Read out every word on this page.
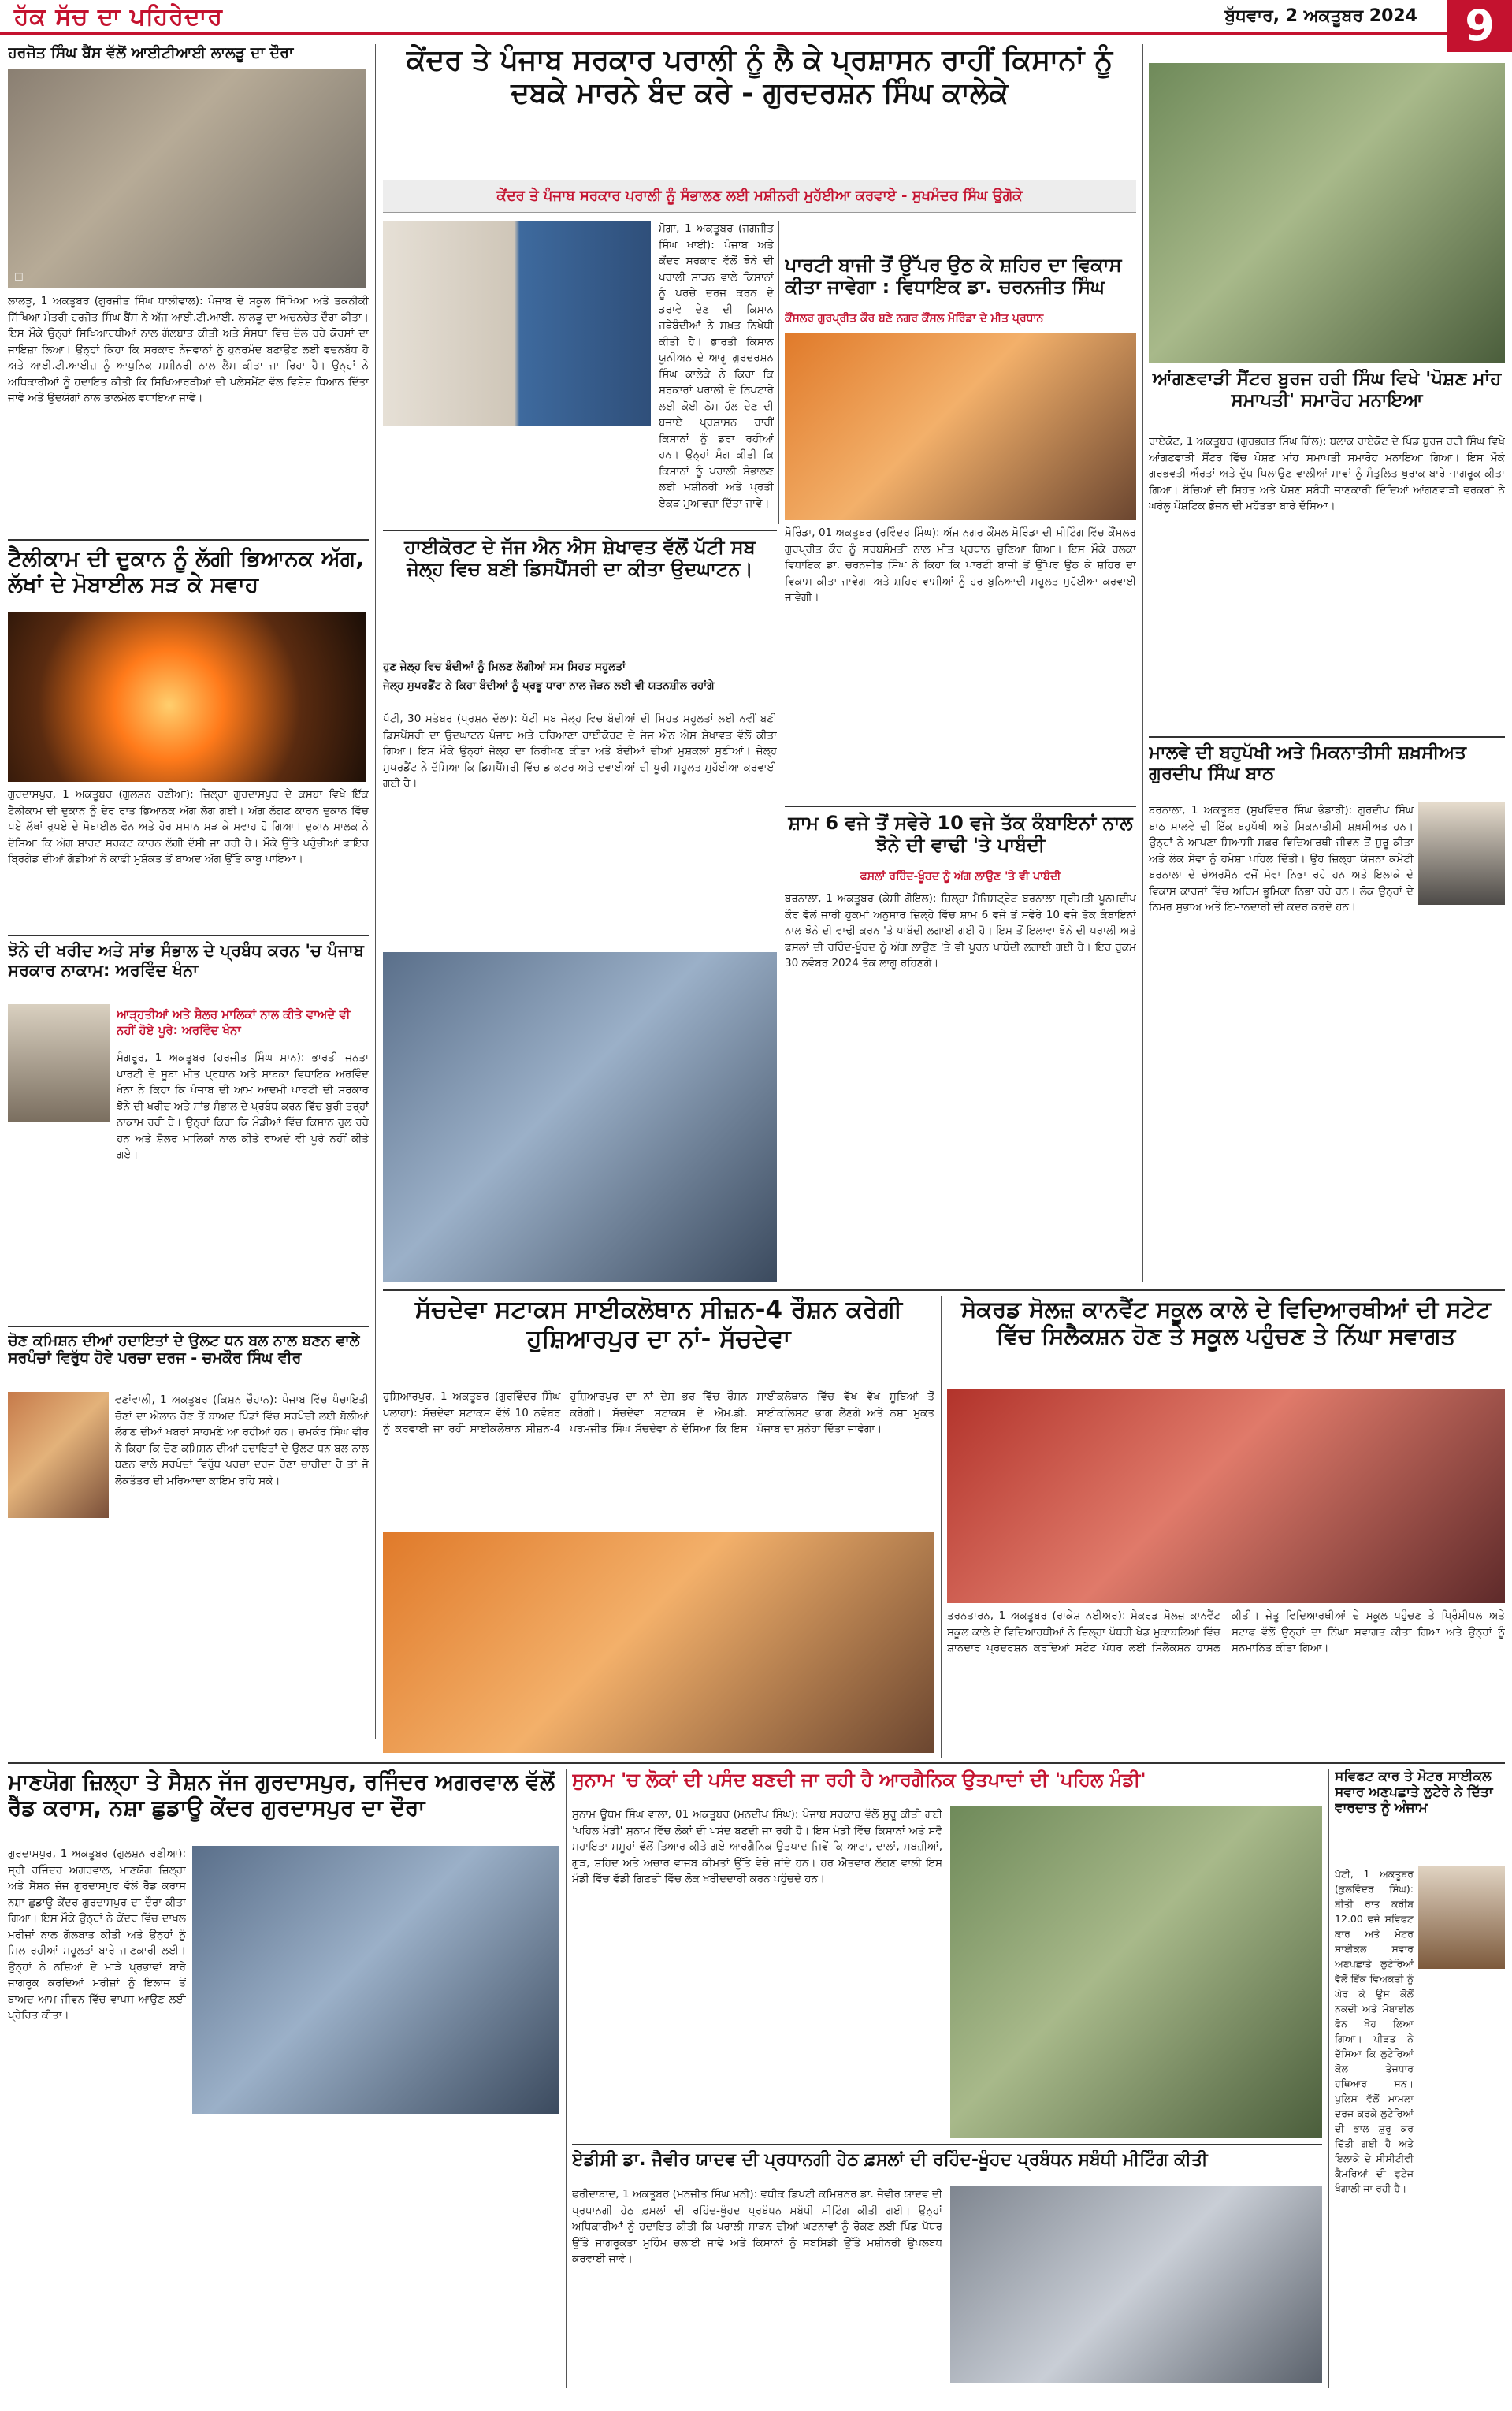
ਹੱਕ ਸੱਚ ਦਾ ਪਹਿਰੇਦਾਰ	ਬੁੱਧਵਾਰ, 2 ਅਕਤੂਬਰ 2024	9
ਹਰਜੋਤ ਸਿੰਘ ਬੈਂਸ ਵੱਲੋਂ ਆਈਟੀਆਈ ਲਾਲੜੂ ਦਾ ਦੌਰਾ
☐
ਲਾਲੜੂ, 1 ਅਕਤੂਬਰ (ਗੁਰਜੀਤ ਸਿੰਘ ਧਾਲੀਵਾਲ): ਪੰਜਾਬ ਦੇ ਸਕੂਲ ਸਿੱਖਿਆ ਅਤੇ ਤਕਨੀਕੀ ਸਿੱਖਿਆ ਮੰਤਰੀ ਹਰਜੋਤ ਸਿੰਘ ਬੈਂਸ ਨੇ ਅੱਜ ਆਈ.ਟੀ.ਆਈ. ਲਾਲੜੂ ਦਾ ਅਚਨਚੇਤ ਦੌਰਾ ਕੀਤਾ। ਇਸ ਮੌਕੇ ਉਨ੍ਹਾਂ ਸਿਖਿਆਰਥੀਆਂ ਨਾਲ ਗੱਲਬਾਤ ਕੀਤੀ ਅਤੇ ਸੰਸਥਾ ਵਿੱਚ ਚੱਲ ਰਹੇ ਕੋਰਸਾਂ ਦਾ ਜਾਇਜ਼ਾ ਲਿਆ। ਉਨ੍ਹਾਂ ਕਿਹਾ ਕਿ ਸਰਕਾਰ ਨੌਜਵਾਨਾਂ ਨੂੰ ਹੁਨਰਮੰਦ ਬਣਾਉਣ ਲਈ ਵਚਨਬੱਧ ਹੈ ਅਤੇ ਆਈ.ਟੀ.ਆਈਜ਼ ਨੂੰ ਆਧੁਨਿਕ ਮਸ਼ੀਨਰੀ ਨਾਲ ਲੈਸ ਕੀਤਾ ਜਾ ਰਿਹਾ ਹੈ। ਉਨ੍ਹਾਂ ਨੇ ਅਧਿਕਾਰੀਆਂ ਨੂੰ ਹਦਾਇਤ ਕੀਤੀ ਕਿ ਸਿਖਿਆਰਥੀਆਂ ਦੀ ਪਲੇਸਮੈਂਟ ਵੱਲ ਵਿਸ਼ੇਸ਼ ਧਿਆਨ ਦਿੱਤਾ ਜਾਵੇ ਅਤੇ ਉਦਯੋਗਾਂ ਨਾਲ ਤਾਲਮੇਲ ਵਧਾਇਆ ਜਾਵੇ।
ਟੈਲੀਕਾਮ ਦੀ ਦੁਕਾਨ ਨੂੰ ਲੱਗੀ ਭਿਆਨਕ ਅੱਗ, ਲੱਖਾਂ ਦੇ ਮੋਬਾਈਲ ਸੜ ਕੇ ਸਵਾਹ
ਗੁਰਦਾਸਪੁਰ, 1 ਅਕਤੂਬਰ (ਗੁਲਸ਼ਨ ਰਣੀਆ): ਜ਼ਿਲ੍ਹਾ ਗੁਰਦਾਸਪੁਰ ਦੇ ਕਸਬਾ ਵਿਖੇ ਇੱਕ ਟੈਲੀਕਾਮ ਦੀ ਦੁਕਾਨ ਨੂੰ ਦੇਰ ਰਾਤ ਭਿਆਨਕ ਅੱਗ ਲੱਗ ਗਈ। ਅੱਗ ਲੱਗਣ ਕਾਰਨ ਦੁਕਾਨ ਵਿੱਚ ਪਏ ਲੱਖਾਂ ਰੁਪਏ ਦੇ ਮੋਬਾਈਲ ਫੋਨ ਅਤੇ ਹੋਰ ਸਮਾਨ ਸੜ ਕੇ ਸਵਾਹ ਹੋ ਗਿਆ। ਦੁਕਾਨ ਮਾਲਕ ਨੇ ਦੱਸਿਆ ਕਿ ਅੱਗ ਸ਼ਾਰਟ ਸਰਕਟ ਕਾਰਨ ਲੱਗੀ ਦੱਸੀ ਜਾ ਰਹੀ ਹੈ। ਮੌਕੇ ਉੱਤੇ ਪਹੁੰਚੀਆਂ ਫਾਇਰ ਬ੍ਰਿਗੇਡ ਦੀਆਂ ਗੱਡੀਆਂ ਨੇ ਕਾਫੀ ਮੁਸ਼ੱਕਤ ਤੋਂ ਬਾਅਦ ਅੱਗ ਉੱਤੇ ਕਾਬੂ ਪਾਇਆ।
ਝੋਨੇ ਦੀ ਖਰੀਦ ਅਤੇ ਸਾਂਭ ਸੰਭਾਲ ਦੇ ਪ੍ਰਬੰਧ ਕਰਨ 'ਚ ਪੰਜਾਬ ਸਰਕਾਰ ਨਾਕਾਮ: ਅਰਵਿੰਦ ਖੰਨਾ
ਆੜ੍ਹਤੀਆਂ ਅਤੇ ਸ਼ੈਲਰ ਮਾਲਿਕਾਂ ਨਾਲ ਕੀਤੇ ਵਾਅਦੇ ਵੀ ਨਹੀਂ ਹੋਏ ਪੂਰੇ: ਅਰਵਿੰਦ ਖੰਨਾ
ਸੰਗਰੂਰ, 1 ਅਕਤੂਬਰ (ਹਰਜੀਤ ਸਿੰਘ ਮਾਨ): ਭਾਰਤੀ ਜਨਤਾ ਪਾਰਟੀ ਦੇ ਸੂਬਾ ਮੀਤ ਪ੍ਰਧਾਨ ਅਤੇ ਸਾਬਕਾ ਵਿਧਾਇਕ ਅਰਵਿੰਦ ਖੰਨਾ ਨੇ ਕਿਹਾ ਕਿ ਪੰਜਾਬ ਦੀ ਆਮ ਆਦਮੀ ਪਾਰਟੀ ਦੀ ਸਰਕਾਰ ਝੋਨੇ ਦੀ ਖਰੀਦ ਅਤੇ ਸਾਂਭ ਸੰਭਾਲ ਦੇ ਪ੍ਰਬੰਧ ਕਰਨ ਵਿੱਚ ਬੁਰੀ ਤਰ੍ਹਾਂ ਨਾਕਾਮ ਰਹੀ ਹੈ। ਉਨ੍ਹਾਂ ਕਿਹਾ ਕਿ ਮੰਡੀਆਂ ਵਿੱਚ ਕਿਸਾਨ ਰੁਲ ਰਹੇ ਹਨ ਅਤੇ ਸ਼ੈਲਰ ਮਾਲਿਕਾਂ ਨਾਲ ਕੀਤੇ ਵਾਅਦੇ ਵੀ ਪੂਰੇ ਨਹੀਂ ਕੀਤੇ ਗਏ।
ਚੋਣ ਕਮਿਸ਼ਨ ਦੀਆਂ ਹਦਾਇਤਾਂ ਦੇ ਉਲਟ ਧਨ ਬਲ ਨਾਲ ਬਣਨ ਵਾਲੇ ਸਰਪੰਚਾਂ ਵਿਰੁੱਧ ਹੋਵੇ ਪਰਚਾ ਦਰਜ - ਚਮਕੌਰ ਸਿੰਘ ਵੀਰ
ਵਣਾਂਵਾਲੀ, 1 ਅਕਤੂਬਰ (ਕਿਸ਼ਨ ਚੌਹਾਨ): ਪੰਜਾਬ ਵਿੱਚ ਪੰਚਾਇਤੀ ਚੋਣਾਂ ਦਾ ਐਲਾਨ ਹੋਣ ਤੋਂ ਬਾਅਦ ਪਿੰਡਾਂ ਵਿੱਚ ਸਰਪੰਚੀ ਲਈ ਬੋਲੀਆਂ ਲੱਗਣ ਦੀਆਂ ਖਬਰਾਂ ਸਾਹਮਣੇ ਆ ਰਹੀਆਂ ਹਨ। ਚਮਕੌਰ ਸਿੰਘ ਵੀਰ ਨੇ ਕਿਹਾ ਕਿ ਚੋਣ ਕਮਿਸ਼ਨ ਦੀਆਂ ਹਦਾਇਤਾਂ ਦੇ ਉਲਟ ਧਨ ਬਲ ਨਾਲ ਬਣਨ ਵਾਲੇ ਸਰਪੰਚਾਂ ਵਿਰੁੱਧ ਪਰਚਾ ਦਰਜ ਹੋਣਾ ਚਾਹੀਦਾ ਹੈ ਤਾਂ ਜੋ ਲੋਕਤੰਤਰ ਦੀ ਮਰਿਆਦਾ ਕਾਇਮ ਰਹਿ ਸਕੇ।
ਕੇਂਦਰ ਤੇ ਪੰਜਾਬ ਸਰਕਾਰ ਪਰਾਲੀ ਨੂੰ ਲੈ ਕੇ ਪ੍ਰਸ਼ਾਸਨ ਰਾਹੀਂ ਕਿਸਾਨਾਂ ਨੂੰ ਦਬਕੇ ਮਾਰਨੇ ਬੰਦ ਕਰੇ - ਗੁਰਦਰਸ਼ਨ ਸਿੰਘ ਕਾਲੇਕੇ
ਕੇਂਦਰ ਤੇ ਪੰਜਾਬ ਸਰਕਾਰ ਪਰਾਲੀ ਨੂੰ ਸੰਭਾਲਣ ਲਈ ਮਸ਼ੀਨਰੀ ਮੁਹੱਈਆ ਕਰਵਾਏ - ਸੁਖਮੰਦਰ ਸਿੰਘ ਉਗੋਕੇ
ਮੋਗਾ, 1 ਅਕਤੂਬਰ (ਜਗਜੀਤ ਸਿੰਘ ਖਾਈ): ਪੰਜਾਬ ਅਤੇ ਕੇਂਦਰ ਸਰਕਾਰ ਵੱਲੋਂ ਝੋਨੇ ਦੀ ਪਰਾਲੀ ਸਾੜਨ ਵਾਲੇ ਕਿਸਾਨਾਂ ਨੂੰ ਪਰਚੇ ਦਰਜ ਕਰਨ ਦੇ ਡਰਾਵੇ ਦੇਣ ਦੀ ਕਿਸਾਨ ਜਥੇਬੰਦੀਆਂ ਨੇ ਸਖ਼ਤ ਨਿਖੇਧੀ ਕੀਤੀ ਹੈ। ਭਾਰਤੀ ਕਿਸਾਨ ਯੂਨੀਅਨ ਦੇ ਆਗੂ ਗੁਰਦਰਸ਼ਨ ਸਿੰਘ ਕਾਲੇਕੇ ਨੇ ਕਿਹਾ ਕਿ ਸਰਕਾਰਾਂ ਪਰਾਲੀ ਦੇ ਨਿਪਟਾਰੇ ਲਈ ਕੋਈ ਠੋਸ ਹੱਲ ਦੇਣ ਦੀ ਬਜਾਏ ਪ੍ਰਸ਼ਾਸਨ ਰਾਹੀਂ ਕਿਸਾਨਾਂ ਨੂੰ ਡਰਾ ਰਹੀਆਂ ਹਨ। ਉਨ੍ਹਾਂ ਮੰਗ ਕੀਤੀ ਕਿ ਕਿਸਾਨਾਂ ਨੂੰ ਪਰਾਲੀ ਸੰਭਾਲਣ ਲਈ ਮਸ਼ੀਨਰੀ ਅਤੇ ਪ੍ਰਤੀ ਏਕੜ ਮੁਆਵਜ਼ਾ ਦਿੱਤਾ ਜਾਵੇ।
ਪਾਰਟੀ ਬਾਜੀ ਤੋਂ ਉੱਪਰ ਉਠ ਕੇ ਸ਼ਹਿਰ ਦਾ ਵਿਕਾਸ ਕੀਤਾ ਜਾਵੇਗਾ : ਵਿਧਾਇਕ ਡਾ. ਚਰਨਜੀਤ ਸਿੰਘ
ਕੌਂਸਲਰ ਗੁਰਪ੍ਰੀਤ ਕੌਰ ਬਣੇ ਨਗਰ ਕੌਂਸਲ ਮੋਰਿੰਡਾ ਦੇ ਮੀਤ ਪ੍ਰਧਾਨ
ਮੋਰਿੰਡਾ, 01 ਅਕਤੂਬਰ (ਰਵਿੰਦਰ ਸਿੰਘ): ਅੱਜ ਨਗਰ ਕੌਂਸਲ ਮੋਰਿੰਡਾ ਦੀ ਮੀਟਿੰਗ ਵਿੱਚ ਕੌਂਸਲਰ ਗੁਰਪ੍ਰੀਤ ਕੌਰ ਨੂੰ ਸਰਬਸੰਮਤੀ ਨਾਲ ਮੀਤ ਪ੍ਰਧਾਨ ਚੁਣਿਆ ਗਿਆ। ਇਸ ਮੌਕੇ ਹਲਕਾ ਵਿਧਾਇਕ ਡਾ. ਚਰਨਜੀਤ ਸਿੰਘ ਨੇ ਕਿਹਾ ਕਿ ਪਾਰਟੀ ਬਾਜੀ ਤੋਂ ਉੱਪਰ ਉਠ ਕੇ ਸ਼ਹਿਰ ਦਾ ਵਿਕਾਸ ਕੀਤਾ ਜਾਵੇਗਾ ਅਤੇ ਸ਼ਹਿਰ ਵਾਸੀਆਂ ਨੂੰ ਹਰ ਬੁਨਿਆਦੀ ਸਹੂਲਤ ਮੁਹੱਈਆ ਕਰਵਾਈ ਜਾਵੇਗੀ।
ਹਾਈਕੋਰਟ ਦੇ ਜੱਜ ਐਨ ਐਸ ਸ਼ੇਖਾਵਤ ਵੱਲੋਂ ਪੱਟੀ ਸਬ ਜੇਲ੍ਹ ਵਿਚ ਬਣੀ ਡਿਸਪੈਂਸਰੀ ਦਾ ਕੀਤਾ ਉਦਘਾਟਨ।
ਹੁਣ ਜੇਲ੍ਹ ਵਿਚ ਬੰਦੀਆਂ ਨੂੰ ਮਿਲਣ ਲੱਗੀਆਂ ਸਮ ਸਿਹਤ ਸਹੂਲਤਾਂ
ਜੇਲ੍ਹ ਸੁਪਰਡੈਂਟ ਨੇ ਕਿਹਾ ਬੰਦੀਆਂ ਨੂੰ ਪ੍ਰਭੂ ਧਾਰਾ ਨਾਲ ਜੋੜਨ ਲਈ ਵੀ ਯਤਨਸ਼ੀਲ ਰਹਾਂਗੇ
ਪੱਟੀ, 30 ਸਤੰਬਰ (ਪ੍ਰਸ਼ਨ ਦੱਲਾ): ਪੱਟੀ ਸਬ ਜੇਲ੍ਹ ਵਿਚ ਬੰਦੀਆਂ ਦੀ ਸਿਹਤ ਸਹੂਲਤਾਂ ਲਈ ਨਵੀਂ ਬਣੀ ਡਿਸਪੈਂਸਰੀ ਦਾ ਉਦਘਾਟਨ ਪੰਜਾਬ ਅਤੇ ਹਰਿਆਣਾ ਹਾਈਕੋਰਟ ਦੇ ਜੱਜ ਐਨ ਐਸ ਸ਼ੇਖਾਵਤ ਵੱਲੋਂ ਕੀਤਾ ਗਿਆ। ਇਸ ਮੌਕੇ ਉਨ੍ਹਾਂ ਜੇਲ੍ਹ ਦਾ ਨਿਰੀਖਣ ਕੀਤਾ ਅਤੇ ਬੰਦੀਆਂ ਦੀਆਂ ਮੁਸ਼ਕਲਾਂ ਸੁਣੀਆਂ। ਜੇਲ੍ਹ ਸੁਪਰਡੈਂਟ ਨੇ ਦੱਸਿਆ ਕਿ ਡਿਸਪੈਂਸਰੀ ਵਿੱਚ ਡਾਕਟਰ ਅਤੇ ਦਵਾਈਆਂ ਦੀ ਪੂਰੀ ਸਹੂਲਤ ਮੁਹੱਈਆ ਕਰਵਾਈ ਗਈ ਹੈ।
ਸ਼ਾਮ 6 ਵਜੇ ਤੋਂ ਸਵੇਰੇ 10 ਵਜੇ ਤੱਕ ਕੰਬਾਇਨਾਂ ਨਾਲ ਝੋਨੇ ਦੀ ਵਾਢੀ 'ਤੇ ਪਾਬੰਦੀ
ਫਸਲਾਂ ਰਹਿੰਦ-ਖੂੰਹਦ ਨੂੰ ਅੱਗ ਲਾਉਣ 'ਤੇ ਵੀ ਪਾਬੰਦੀ
ਬਰਨਾਲਾ, 1 ਅਕਤੂਬਰ (ਕੇਸੀ ਗੋਇਲ): ਜ਼ਿਲ੍ਹਾ ਮੈਜਿਸਟ੍ਰੇਟ ਬਰਨਾਲਾ ਸ੍ਰੀਮਤੀ ਪੂਨਮਦੀਪ ਕੌਰ ਵੱਲੋਂ ਜਾਰੀ ਹੁਕਮਾਂ ਅਨੁਸਾਰ ਜ਼ਿਲ੍ਹੇ ਵਿੱਚ ਸ਼ਾਮ 6 ਵਜੇ ਤੋਂ ਸਵੇਰੇ 10 ਵਜੇ ਤੱਕ ਕੰਬਾਇਨਾਂ ਨਾਲ ਝੋਨੇ ਦੀ ਵਾਢੀ ਕਰਨ 'ਤੇ ਪਾਬੰਦੀ ਲਗਾਈ ਗਈ ਹੈ। ਇਸ ਤੋਂ ਇਲਾਵਾ ਝੋਨੇ ਦੀ ਪਰਾਲੀ ਅਤੇ ਫਸਲਾਂ ਦੀ ਰਹਿੰਦ-ਖੂੰਹਦ ਨੂੰ ਅੱਗ ਲਾਉਣ 'ਤੇ ਵੀ ਪੂਰਨ ਪਾਬੰਦੀ ਲਗਾਈ ਗਈ ਹੈ। ਇਹ ਹੁਕਮ 30 ਨਵੰਬਰ 2024 ਤੱਕ ਲਾਗੂ ਰਹਿਣਗੇ।
ਆਂਗਣਵਾੜੀ ਸੈਂਟਰ ਬੁਰਜ ਹਰੀ ਸਿੰਘ ਵਿਖੇ 'ਪੋਸ਼ਣ ਮਾਂਹ ਸਮਾਪਤੀ' ਸਮਾਰੋਹ ਮਨਾਇਆ
ਰਾਏਕੋਟ, 1 ਅਕਤੂਬਰ (ਗੁਰਭਗਤ ਸਿੰਘ ਗਿੱਲ): ਬਲਾਕ ਰਾਏਕੋਟ ਦੇ ਪਿੰਡ ਬੁਰਜ ਹਰੀ ਸਿੰਘ ਵਿਖੇ ਆਂਗਣਵਾੜੀ ਸੈਂਟਰ ਵਿੱਚ ਪੋਸ਼ਣ ਮਾਂਹ ਸਮਾਪਤੀ ਸਮਾਰੋਹ ਮਨਾਇਆ ਗਿਆ। ਇਸ ਮੌਕੇ ਗਰਭਵਤੀ ਔਰਤਾਂ ਅਤੇ ਦੁੱਧ ਪਿਲਾਉਣ ਵਾਲੀਆਂ ਮਾਵਾਂ ਨੂੰ ਸੰਤੁਲਿਤ ਖੁਰਾਕ ਬਾਰੇ ਜਾਗਰੂਕ ਕੀਤਾ ਗਿਆ। ਬੱਚਿਆਂ ਦੀ ਸਿਹਤ ਅਤੇ ਪੋਸ਼ਣ ਸਬੰਧੀ ਜਾਣਕਾਰੀ ਦਿੰਦਿਆਂ ਆਂਗਣਵਾੜੀ ਵਰਕਰਾਂ ਨੇ ਘਰੇਲੂ ਪੌਸ਼ਟਿਕ ਭੋਜਨ ਦੀ ਮਹੱਤਤਾ ਬਾਰੇ ਦੱਸਿਆ।
ਮਾਲਵੇ ਦੀ ਬਹੁਪੱਖੀ ਅਤੇ ਮਿਕਨਾਤੀਸੀ ਸ਼ਖ਼ਸੀਅਤ ਗੁਰਦੀਪ ਸਿੰਘ ਬਾਠ
ਬਰਨਾਲਾ, 1 ਅਕਤੂਬਰ (ਸੁਖਵਿੰਦਰ ਸਿੰਘ ਭੰਡਾਰੀ): ਗੁਰਦੀਪ ਸਿੰਘ ਬਾਠ ਮਾਲਵੇ ਦੀ ਇੱਕ ਬਹੁਪੱਖੀ ਅਤੇ ਮਿਕਨਾਤੀਸੀ ਸ਼ਖ਼ਸੀਅਤ ਹਨ। ਉਨ੍ਹਾਂ ਨੇ ਆਪਣਾ ਸਿਆਸੀ ਸਫ਼ਰ ਵਿਦਿਆਰਥੀ ਜੀਵਨ ਤੋਂ ਸ਼ੁਰੂ ਕੀਤਾ ਅਤੇ ਲੋਕ ਸੇਵਾ ਨੂੰ ਹਮੇਸ਼ਾ ਪਹਿਲ ਦਿੱਤੀ। ਉਹ ਜ਼ਿਲ੍ਹਾ ਯੋਜਨਾ ਕਮੇਟੀ ਬਰਨਾਲਾ ਦੇ ਚੇਅਰਮੈਨ ਵਜੋਂ ਸੇਵਾ ਨਿਭਾ ਰਹੇ ਹਨ ਅਤੇ ਇਲਾਕੇ ਦੇ ਵਿਕਾਸ ਕਾਰਜਾਂ ਵਿੱਚ ਅਹਿਮ ਭੂਮਿਕਾ ਨਿਭਾ ਰਹੇ ਹਨ। ਲੋਕ ਉਨ੍ਹਾਂ ਦੇ ਨਿਮਰ ਸੁਭਾਅ ਅਤੇ ਇਮਾਨਦਾਰੀ ਦੀ ਕਦਰ ਕਰਦੇ ਹਨ।
ਸੱਚਦੇਵਾ ਸਟਾਕਸ ਸਾਈਕਲੋਥਾਨ ਸੀਜ਼ਨ-4 ਰੌਸ਼ਨ ਕਰੇਗੀ ਹੁਸ਼ਿਆਰਪੁਰ ਦਾ ਨਾਂ- ਸੱਚਦੇਵਾ
ਹੁਸ਼ਿਆਰਪੁਰ, 1 ਅਕਤੂਬਰ (ਗੁਰਵਿੰਦਰ ਸਿੰਘ ਪਲਾਹਾ): ਸੱਚਦੇਵਾ ਸਟਾਕਸ ਵੱਲੋਂ 10 ਨਵੰਬਰ ਨੂੰ ਕਰਵਾਈ ਜਾ ਰਹੀ ਸਾਈਕਲੋਥਾਨ ਸੀਜ਼ਨ-4 ਹੁਸ਼ਿਆਰਪੁਰ ਦਾ ਨਾਂ ਦੇਸ਼ ਭਰ ਵਿੱਚ ਰੌਸ਼ਨ ਕਰੇਗੀ। ਸੱਚਦੇਵਾ ਸਟਾਕਸ ਦੇ ਐਮ.ਡੀ. ਪਰਮਜੀਤ ਸਿੰਘ ਸੱਚਦੇਵਾ ਨੇ ਦੱਸਿਆ ਕਿ ਇਸ ਸਾਈਕਲੋਥਾਨ ਵਿੱਚ ਵੱਖ ਵੱਖ ਸੂਬਿਆਂ ਤੋਂ ਸਾਈਕਲਿਸਟ ਭਾਗ ਲੈਣਗੇ ਅਤੇ ਨਸ਼ਾ ਮੁਕਤ ਪੰਜਾਬ ਦਾ ਸੁਨੇਹਾ ਦਿੱਤਾ ਜਾਵੇਗਾ।
ਸੇਕਰਡ ਸੋਲਜ਼ ਕਾਨਵੈਂਟ ਸਕੂਲ ਕਾਲੇ ਦੇ ਵਿਦਿਆਰਥੀਆਂ ਦੀ ਸਟੇਟ ਵਿੱਚ ਸਿਲੈਕਸ਼ਨ ਹੋਣ ਤੇ ਸਕੂਲ ਪਹੁੰਚਣ ਤੇ ਨਿੱਘਾ ਸਵਾਗਤ
ਤਰਨਤਾਰਨ, 1 ਅਕਤੂਬਰ (ਰਾਕੇਸ਼ ਨਈਅਰ): ਸੇਕਰਡ ਸੋਲਜ਼ ਕਾਨਵੈਂਟ ਸਕੂਲ ਕਾਲੇ ਦੇ ਵਿਦਿਆਰਥੀਆਂ ਨੇ ਜ਼ਿਲ੍ਹਾ ਪੱਧਰੀ ਖੇਡ ਮੁਕਾਬਲਿਆਂ ਵਿੱਚ ਸ਼ਾਨਦਾਰ ਪ੍ਰਦਰਸ਼ਨ ਕਰਦਿਆਂ ਸਟੇਟ ਪੱਧਰ ਲਈ ਸਿਲੈਕਸ਼ਨ ਹਾਸਲ ਕੀਤੀ। ਜੇਤੂ ਵਿਦਿਆਰਥੀਆਂ ਦੇ ਸਕੂਲ ਪਹੁੰਚਣ ਤੇ ਪ੍ਰਿੰਸੀਪਲ ਅਤੇ ਸਟਾਫ ਵੱਲੋਂ ਉਨ੍ਹਾਂ ਦਾ ਨਿੱਘਾ ਸਵਾਗਤ ਕੀਤਾ ਗਿਆ ਅਤੇ ਉਨ੍ਹਾਂ ਨੂੰ ਸਨਮਾਨਿਤ ਕੀਤਾ ਗਿਆ।
ਮਾਣਯੋਗ ਜ਼ਿਲ੍ਹਾ ਤੇ ਸੈਸ਼ਨ ਜੱਜ ਗੁਰਦਾਸਪੁਰ, ਰਜਿੰਦਰ ਅਗਰਵਾਲ ਵੱਲੋਂ ਰੈੱਡ ਕਰਾਸ, ਨਸ਼ਾ ਛੁਡਾਊ ਕੇਂਦਰ ਗੁਰਦਾਸਪੁਰ ਦਾ ਦੌਰਾ
ਗੁਰਦਾਸਪੁਰ, 1 ਅਕਤੂਬਰ (ਗੁਲਸ਼ਨ ਰਣੀਆ): ਸ੍ਰੀ ਰਜਿੰਦਰ ਅਗਰਵਾਲ, ਮਾਣਯੋਗ ਜ਼ਿਲ੍ਹਾ ਅਤੇ ਸੈਸ਼ਨ ਜੱਜ ਗੁਰਦਾਸਪੁਰ ਵੱਲੋਂ ਰੈੱਡ ਕਰਾਸ ਨਸ਼ਾ ਛੁਡਾਊ ਕੇਂਦਰ ਗੁਰਦਾਸਪੁਰ ਦਾ ਦੌਰਾ ਕੀਤਾ ਗਿਆ। ਇਸ ਮੌਕੇ ਉਨ੍ਹਾਂ ਨੇ ਕੇਂਦਰ ਵਿੱਚ ਦਾਖਲ ਮਰੀਜ਼ਾਂ ਨਾਲ ਗੱਲਬਾਤ ਕੀਤੀ ਅਤੇ ਉਨ੍ਹਾਂ ਨੂੰ ਮਿਲ ਰਹੀਆਂ ਸਹੂਲਤਾਂ ਬਾਰੇ ਜਾਣਕਾਰੀ ਲਈ। ਉਨ੍ਹਾਂ ਨੇ ਨਸ਼ਿਆਂ ਦੇ ਮਾੜੇ ਪ੍ਰਭਾਵਾਂ ਬਾਰੇ ਜਾਗਰੂਕ ਕਰਦਿਆਂ ਮਰੀਜ਼ਾਂ ਨੂੰ ਇਲਾਜ ਤੋਂ ਬਾਅਦ ਆਮ ਜੀਵਨ ਵਿੱਚ ਵਾਪਸ ਆਉਣ ਲਈ ਪ੍ਰੇਰਿਤ ਕੀਤਾ।
ਸੁਨਾਮ 'ਚ ਲੋਕਾਂ ਦੀ ਪਸੰਦ ਬਣਦੀ ਜਾ ਰਹੀ ਹੈ ਆਰਗੈਨਿਕ ਉਤਪਾਦਾਂ ਦੀ 'ਪਹਿਲ ਮੰਡੀ'
ਸੁਨਾਮ ਊਧਮ ਸਿੰਘ ਵਾਲਾ, 01 ਅਕਤੂਬਰ (ਮਨਦੀਪ ਸਿੰਘ): ਪੰਜਾਬ ਸਰਕਾਰ ਵੱਲੋਂ ਸ਼ੁਰੂ ਕੀਤੀ ਗਈ 'ਪਹਿਲ ਮੰਡੀ' ਸੁਨਾਮ ਵਿੱਚ ਲੋਕਾਂ ਦੀ ਪਸੰਦ ਬਣਦੀ ਜਾ ਰਹੀ ਹੈ। ਇਸ ਮੰਡੀ ਵਿੱਚ ਕਿਸਾਨਾਂ ਅਤੇ ਸਵੈ ਸਹਾਇਤਾ ਸਮੂਹਾਂ ਵੱਲੋਂ ਤਿਆਰ ਕੀਤੇ ਗਏ ਆਰਗੈਨਿਕ ਉਤਪਾਦ ਜਿਵੇਂ ਕਿ ਆਟਾ, ਦਾਲਾਂ, ਸਬਜ਼ੀਆਂ, ਗੁੜ, ਸ਼ਹਿਦ ਅਤੇ ਅਚਾਰ ਵਾਜਬ ਕੀਮਤਾਂ ਉੱਤੇ ਵੇਚੇ ਜਾਂਦੇ ਹਨ। ਹਰ ਐਤਵਾਰ ਲੱਗਣ ਵਾਲੀ ਇਸ ਮੰਡੀ ਵਿੱਚ ਵੱਡੀ ਗਿਣਤੀ ਵਿੱਚ ਲੋਕ ਖਰੀਦਦਾਰੀ ਕਰਨ ਪਹੁੰਚਦੇ ਹਨ।
ਏਡੀਸੀ ਡਾ. ਜੈਵੀਰ ਯਾਦਵ ਦੀ ਪ੍ਰਧਾਨਗੀ ਹੇਠ ਫ਼ਸਲਾਂ ਦੀ ਰਹਿੰਦ-ਖੂੰਹਦ ਪ੍ਰਬੰਧਨ ਸਬੰਧੀ ਮੀਟਿੰਗ ਕੀਤੀ
ਫਰੀਦਾਬਾਦ, 1 ਅਕਤੂਬਰ (ਮਨਜੀਤ ਸਿੰਘ ਮਨੀ): ਵਧੀਕ ਡਿਪਟੀ ਕਮਿਸ਼ਨਰ ਡਾ. ਜੈਵੀਰ ਯਾਦਵ ਦੀ ਪ੍ਰਧਾਨਗੀ ਹੇਠ ਫ਼ਸਲਾਂ ਦੀ ਰਹਿੰਦ-ਖੂੰਹਦ ਪ੍ਰਬੰਧਨ ਸਬੰਧੀ ਮੀਟਿੰਗ ਕੀਤੀ ਗਈ। ਉਨ੍ਹਾਂ ਅਧਿਕਾਰੀਆਂ ਨੂੰ ਹਦਾਇਤ ਕੀਤੀ ਕਿ ਪਰਾਲੀ ਸਾੜਨ ਦੀਆਂ ਘਟਨਾਵਾਂ ਨੂੰ ਰੋਕਣ ਲਈ ਪਿੰਡ ਪੱਧਰ ਉੱਤੇ ਜਾਗਰੂਕਤਾ ਮੁਹਿੰਮ ਚਲਾਈ ਜਾਵੇ ਅਤੇ ਕਿਸਾਨਾਂ ਨੂੰ ਸਬਸਿਡੀ ਉੱਤੇ ਮਸ਼ੀਨਰੀ ਉਪਲਬਧ ਕਰਵਾਈ ਜਾਵੇ।
ਸਵਿਫਟ ਕਾਰ ਤੇ ਮੋਟਰ ਸਾਈਕਲ ਸਵਾਰ ਅਣਪਛਾਤੇ ਲੁਟੇਰੇ ਨੇ ਦਿੱਤਾ ਵਾਰਦਾਤ ਨੂੰ ਅੰਜਾਮ
ਪੱਟੀ, 1 ਅਕਤੂਬਰ (ਕੁਲਵਿੰਦਰ ਸਿੰਘ): ਬੀਤੀ ਰਾਤ ਕਰੀਬ 12.00 ਵਜੇ ਸਵਿਫਟ ਕਾਰ ਅਤੇ ਮੋਟਰ ਸਾਈਕਲ ਸਵਾਰ ਅਣਪਛਾਤੇ ਲੁਟੇਰਿਆਂ ਵੱਲੋਂ ਇੱਕ ਵਿਅਕਤੀ ਨੂੰ ਘੇਰ ਕੇ ਉਸ ਕੋਲੋਂ ਨਕਦੀ ਅਤੇ ਮੋਬਾਈਲ ਫੋਨ ਖੋਹ ਲਿਆ ਗਿਆ। ਪੀੜਤ ਨੇ ਦੱਸਿਆ ਕਿ ਲੁਟੇਰਿਆਂ ਕੋਲ ਤੇਜ਼ਧਾਰ ਹਥਿਆਰ ਸਨ। ਪੁਲਿਸ ਵੱਲੋਂ ਮਾਮਲਾ ਦਰਜ ਕਰਕੇ ਲੁਟੇਰਿਆਂ ਦੀ ਭਾਲ ਸ਼ੁਰੂ ਕਰ ਦਿੱਤੀ ਗਈ ਹੈ ਅਤੇ ਇਲਾਕੇ ਦੇ ਸੀਸੀਟੀਵੀ ਕੈਮਰਿਆਂ ਦੀ ਫੁਟੇਜ ਖੰਗਾਲੀ ਜਾ ਰਹੀ ਹੈ।
